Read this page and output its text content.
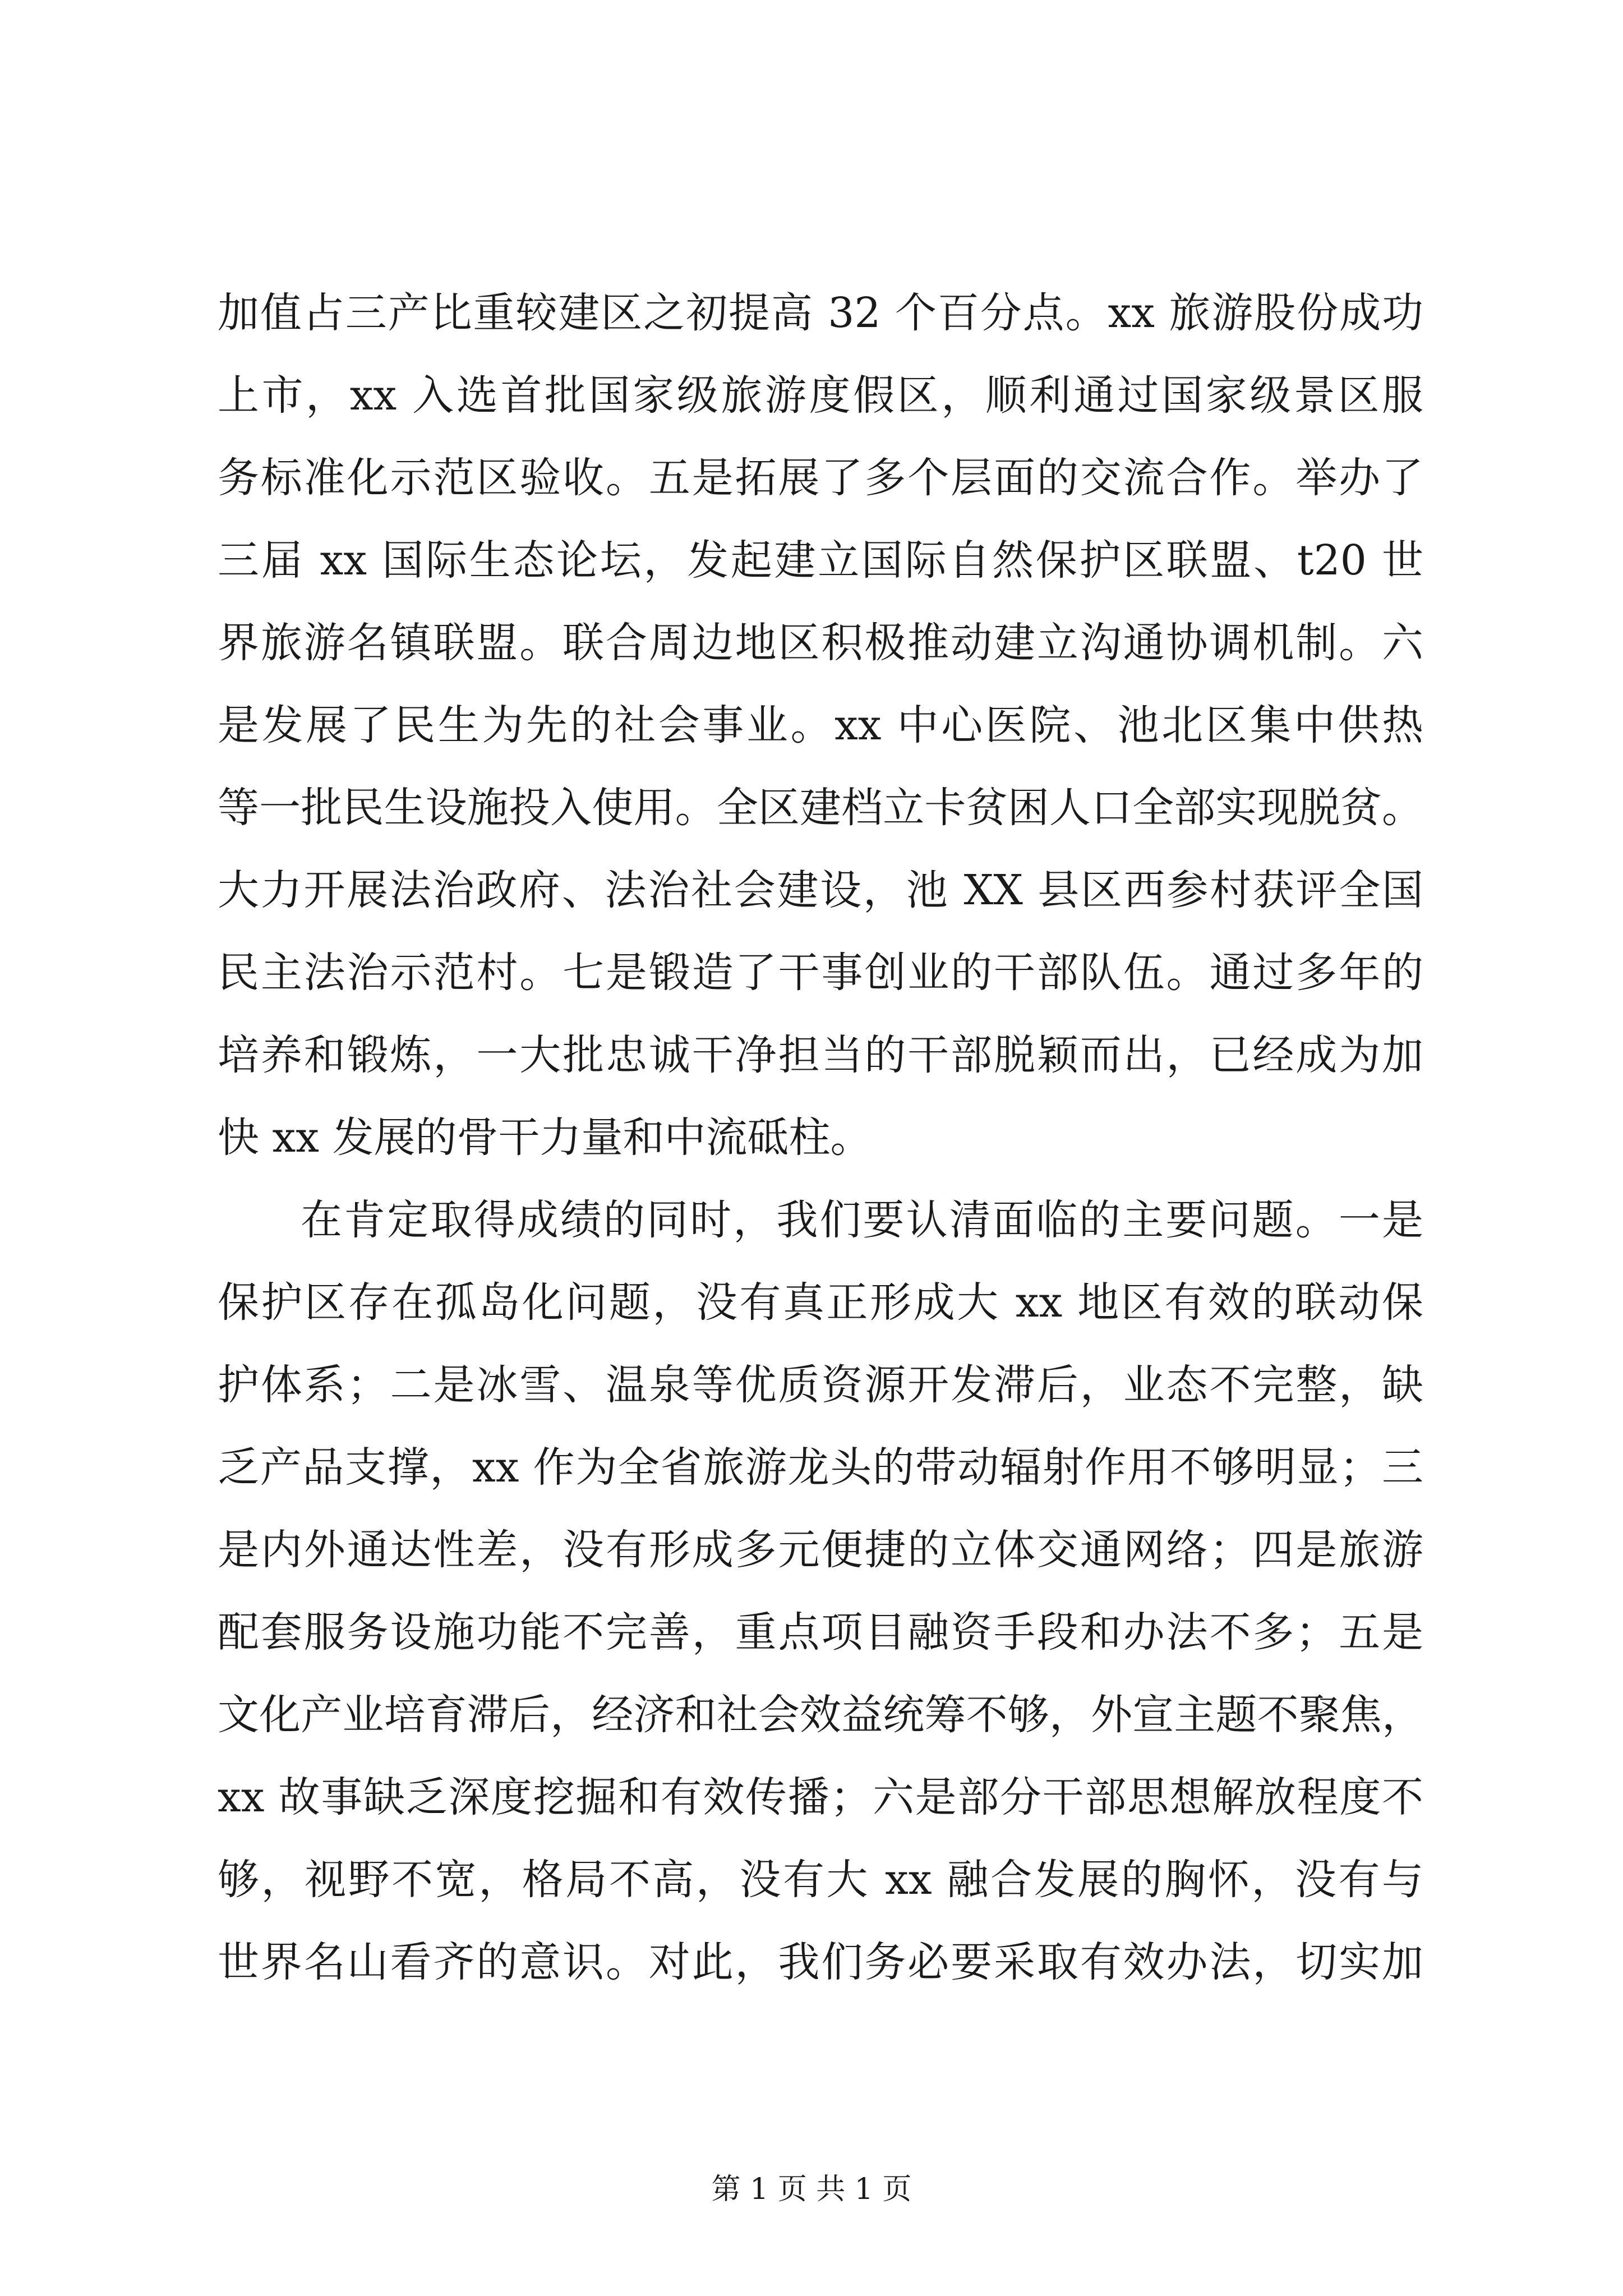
加值占三产比重较建区之初提高 32 个百分点。xx 旅游股份成功
上市，xx 入选首批国家级旅游度假区，顺利通过国家级景区服
务标准化示范区验收。五是拓展了多个层面的交流合作。举办了
三届 xx 国际生态论坛，发起建立国际自然保护区联盟、t20 世
界旅游名镇联盟。联合周边地区积极推动建立沟通协调机制。六
是发展了民生为先的社会事业。xx 中心医院、池北区集中供热
等一批民生设施投入使用。全区建档立卡贫困人口全部实现脱贫。
大力开展法治政府、法治社会建设，池 XX 县区西参村获评全国
民主法治示范村。七是锻造了干事创业的干部队伍。通过多年的
培养和锻炼，一大批忠诚干净担当的干部脱颖而出，已经成为加
快 xx 发展的骨干力量和中流砥柱。
在肯定取得成绩的同时，我们要认清面临的主要问题。一是
保护区存在孤岛化问题，没有真正形成大 xx 地区有效的联动保
护体系；二是冰雪、温泉等优质资源开发滞后，业态不完整，缺
乏产品支撑，xx 作为全省旅游龙头的带动辐射作用不够明显；三
是内外通达性差，没有形成多元便捷的立体交通网络；四是旅游
配套服务设施功能不完善，重点项目融资手段和办法不多；五是
文化产业培育滞后，经济和社会效益统筹不够，外宣主题不聚焦，
xx 故事缺乏深度挖掘和有效传播；六是部分干部思想解放程度不
够，视野不宽，格局不高，没有大 xx 融合发展的胸怀，没有与
世界名山看齐的意识。对此，我们务必要采取有效办法，切实加
第 1 页 共 1 页
